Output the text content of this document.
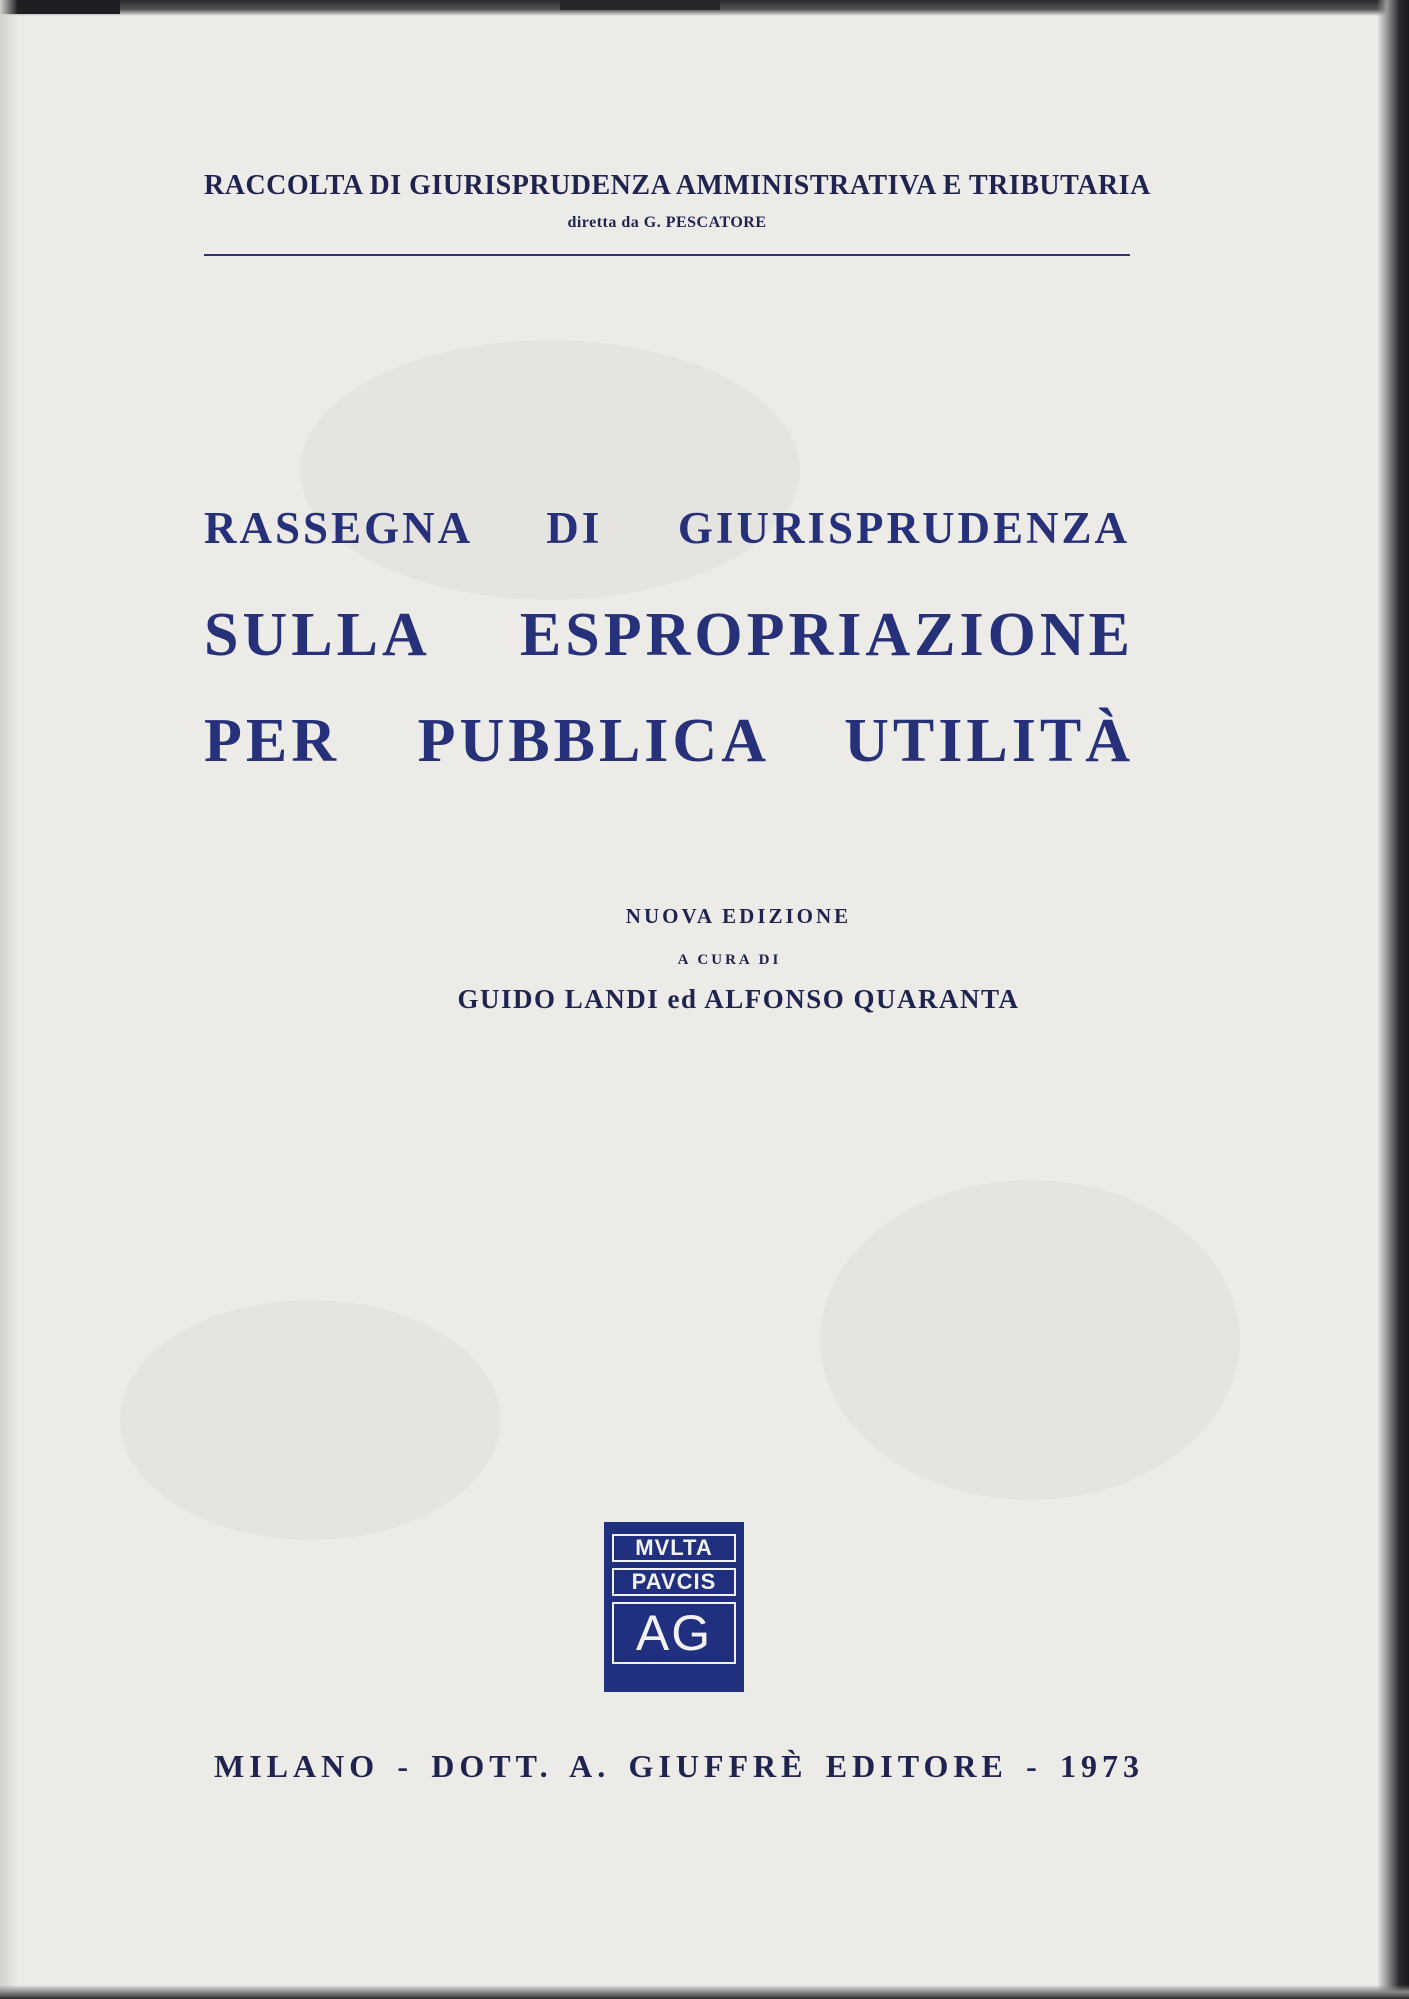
RACCOLTA DI GIURISPRUDENZA AMMINISTRATIVA E TRIBUTARIA
diretta da G. PESCATORE
RASSEGNA DI GIURISPRUDENZA
SULLA ESPROPRIAZIONE
PER PUBBLICA UTILITÀ
NUOVA EDIZIONE
A CURA DI
GUIDO LANDI ed ALFONSO QUARANTA
MVLTA
PAVCIS
AG
MILANO - DOTT. A. GIUFFRÈ EDITORE - 1973
